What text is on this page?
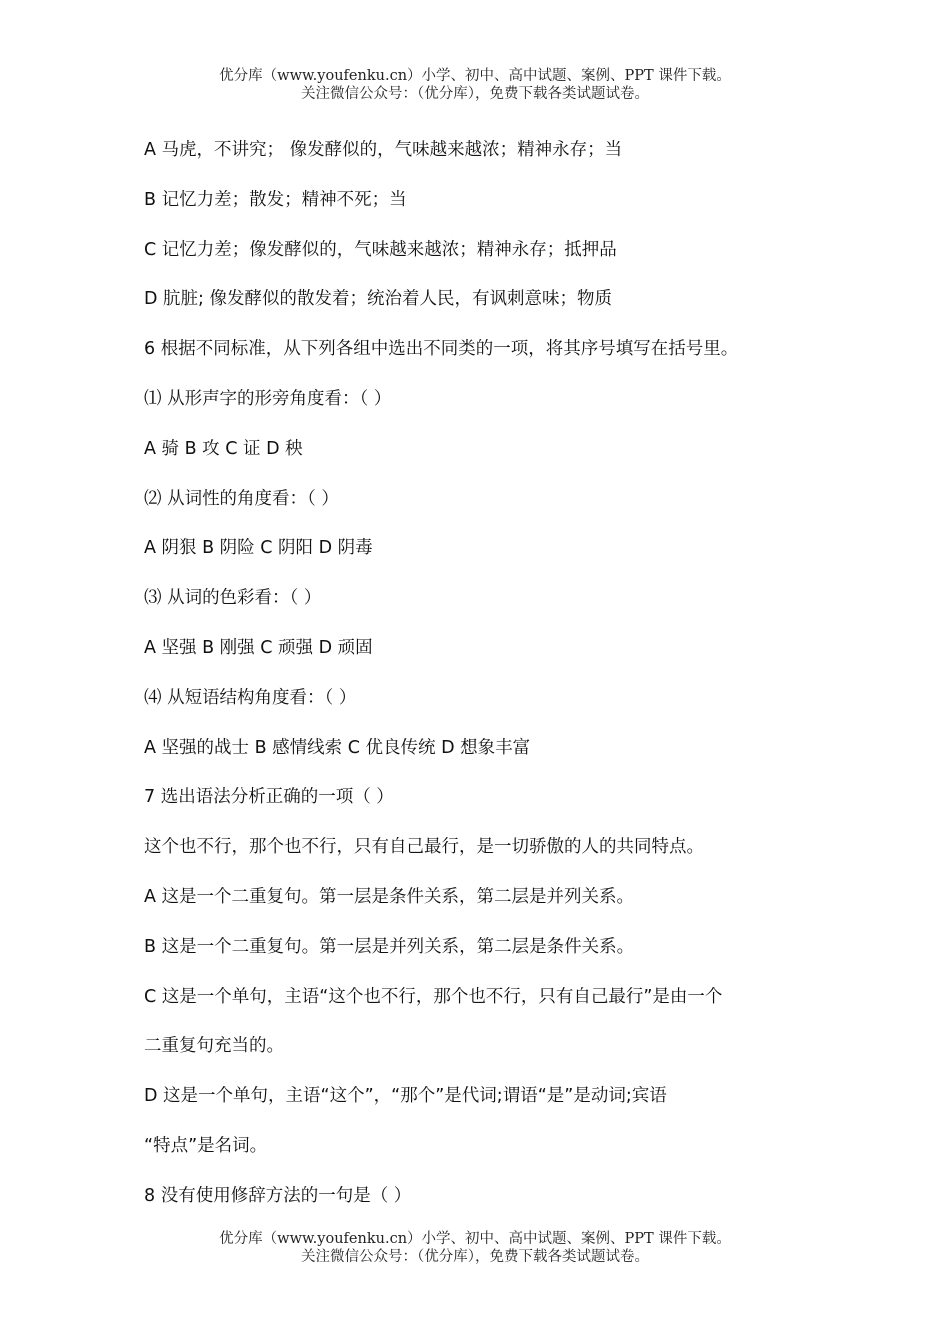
优分库（www.youfenku.cn）小学、初中、高中试题、案例、PPT 课件下载。
关注微信公众号：（优分库），免费下载各类试题试卷。
A 马虎，不讲究； 像发酵似的，气味越来越浓；精神永存；当
B 记忆力差；散发；精神不死；当
C 记忆力差；像发酵似的，气味越来越浓；精神永存；抵押品
D 肮脏; 像发酵似的散发着；统治着人民，有讽刺意味；物质
6 根据不同标准，从下列各组中选出不同类的一项，将其序号填写在括号里。
⑴ 从形声字的形旁角度看：（ ）
A 骑 B 攻 C 证 D 秧
⑵ 从词性的角度看：（ ）
A 阴狠 B 阴险 C 阴阳 D 阴毒
⑶ 从词的色彩看：（ ）
A 坚强 B 刚强 C 顽强 D 顽固
⑷ 从短语结构角度看：（ ）
A 坚强的战士 B 感情线索 C 优良传统 D 想象丰富
7 选出语法分析正确的一项（ ）
这个也不行，那个也不行，只有自己最行，是一切骄傲的人的共同特点。
A 这是一个二重复句。第一层是条件关系，第二层是并列关系。
B 这是一个二重复句。第一层是并列关系，第二层是条件关系。
C 这是一个单句，主语“这个也不行，那个也不行，只有自己最行”是由一个
二重复句充当的。
D 这是一个单句，主语“这个”，“那个”是代词;谓语“是”是动词;宾语
“特点”是名词。
8 没有使用修辞方法的一句是（ ）
优分库（www.youfenku.cn）小学、初中、高中试题、案例、PPT 课件下载。
关注微信公众号：（优分库），免费下载各类试题试卷。
